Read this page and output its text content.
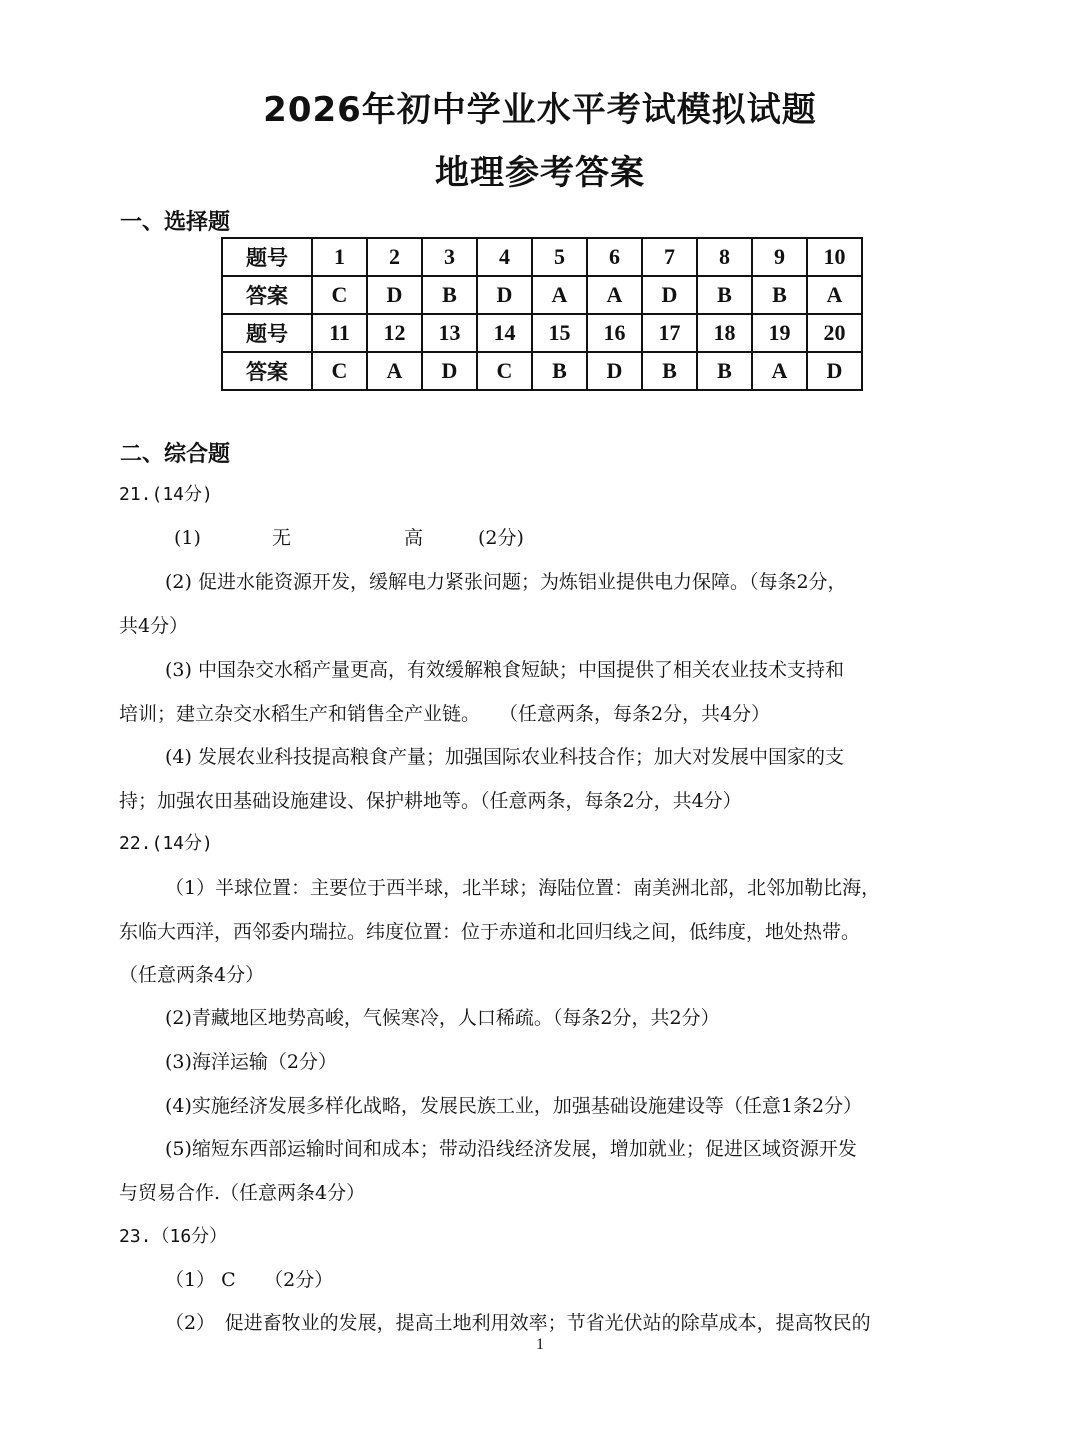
2026年初中学业水平考试模拟试题
地理参考答案
一、选择题
题号	1	2	3	4	5	6	7	8	9	10
答案	C	D	B	D	A	A	D	B	B	A
题号	11	12	13	14	15	16	17	18	19	20
答案	C	A	D	C	B	D	B	B	A	D
二、综合题
21.(14分)
(1)	无	高	(2分)
(2) 促进水能资源开发，缓解电力紧张问题；为炼铝业提供电力保障。（每条2分，
共4分）
(3) 中国杂交水稻产量更高，有效缓解粮食短缺；中国提供了相关农业技术支持和
培训；建立杂交水稻生产和销售全产业链。　　（任意两条，每条2分，共4分）
(4) 发展农业科技提高粮食产量；加强国际农业科技合作；加大对发展中国家的支
持；加强农田基础设施建设、保护耕地等。（任意两条，每条2分，共4分）
22.(14分)
（1）半球位置：主要位于西半球，北半球；海陆位置：南美洲北部，北邻加勒比海，
东临大西洋，西邻委内瑞拉。纬度位置：位于赤道和北回归线之间，低纬度，地处热带。
（任意两条4分）
(2)青藏地区地势高峻，气候寒冷，人口稀疏。（每条2分，共2分）
(3)海洋运输（2分）
(4)实施经济发展多样化战略，发展民族工业，加强基础设施建设等（任意1条2分）
(5)缩短东西部运输时间和成本；带动沿线经济发展，增加就业；促进区域资源开发
与贸易合作.（任意两条4分）
23.（16分）
（1） C　　（2分）
（2）　促进畜牧业的发展，提高土地利用效率；节省光伏站的除草成本，提高牧民的
1
